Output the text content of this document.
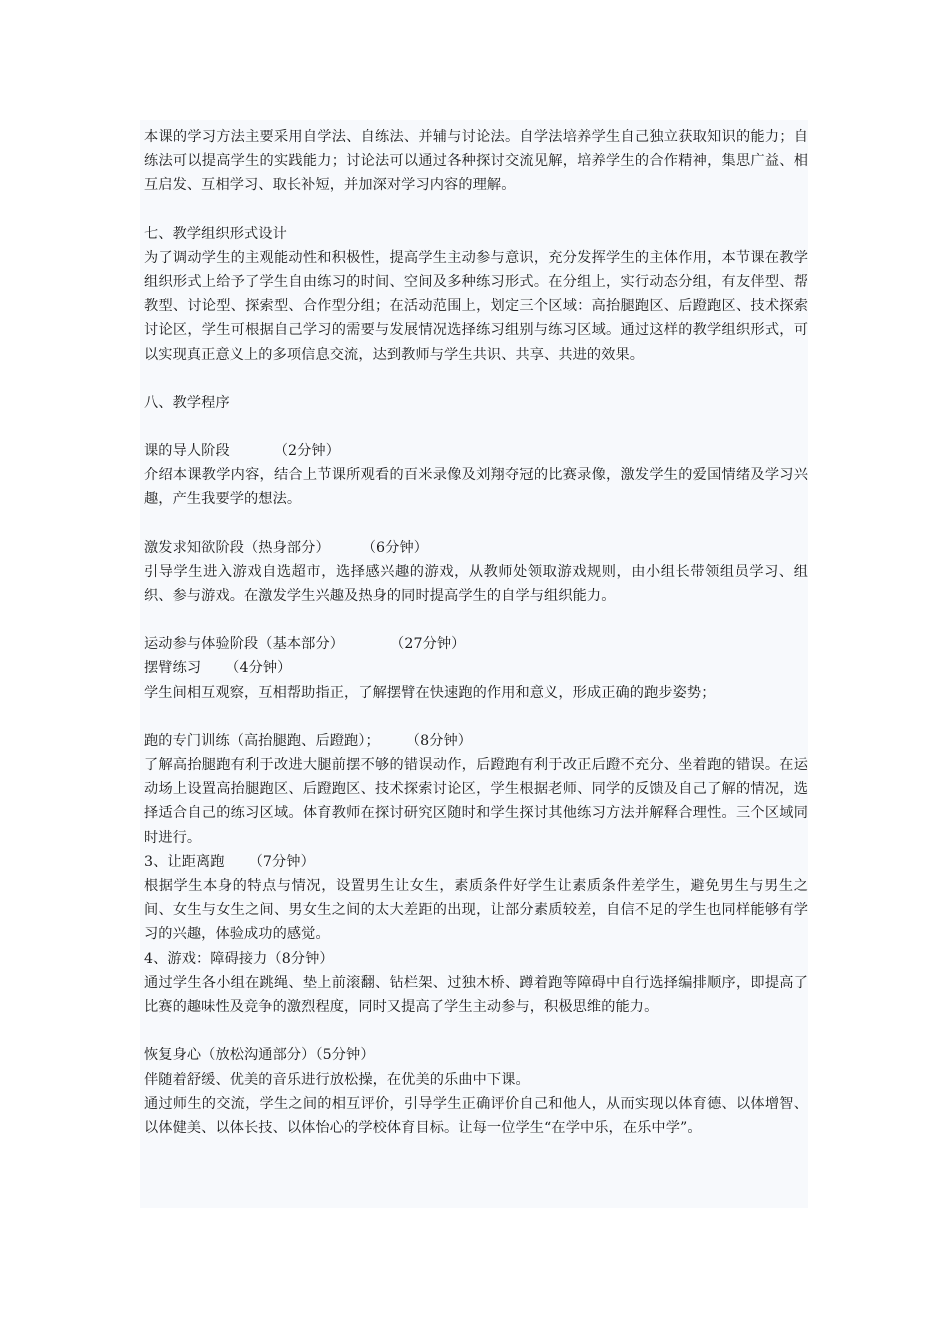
本课的学习方法主要采用自学法、自练法、并辅与讨论法。自学法培养学生自己独立获取知识的能力；自练法可以提高学生的实践能力；讨论法可以通过各种探讨交流见解，培养学生的合作精神，集思广益、相互启发、互相学习、取长补短，并加深对学习内容的理解。

七、教学组织形式设计

为了调动学生的主观能动性和积极性，提高学生主动参与意识，充分发挥学生的主体作用，本节课在教学组织形式上给予了学生自由练习的时间、空间及多种练习形式。在分组上，实行动态分组，有友伴型、帮教型、讨论型、探索型、合作型分组；在活动范围上，划定三个区域：高抬腿跑区、后蹬跑区、技术探索讨论区，学生可根据自己学习的需要与发展情况选择练习组别与练习区域。通过这样的教学组织形式，可以实现真正意义上的多项信息交流，达到教师与学生共识、共享、共进的效果。

八、教学程序

课的导人阶段	（2分钟）

介绍本课教学内容，结合上节课所观看的百米录像及刘翔夺冠的比赛录像，激发学生的爱国情绪及学习兴趣，产生我要学的想法。

激发求知欲阶段（热身部分） （6分钟）

引导学生进入游戏自选超市，选择感兴趣的游戏，从教师处领取游戏规则，由小组长带领组员学习、组织、参与游戏。在激发学生兴趣及热身的同时提高学生的自学与组织能力。

运动参与体验阶段（基本部分）	（27分钟）

摆臂练习 （4分钟）

学生间相互观察，互相帮助指正，了解摆臂在快速跑的作用和意义，形成正确的跑步姿势；

跑的专门训练（高抬腿跑、后蹬跑）； （8分钟）

了解高抬腿跑有利于改进大腿前摆不够的错误动作，后蹬跑有利于改正后蹬不充分、坐着跑的错误。在运动场上设置高抬腿跑区、后蹬跑区、技术探索讨论区，学生根据老师、同学的反馈及自己了解的情况，选择适合自己的练习区域。体育教师在探讨研究区随时和学生探讨其他练习方法并解释合理性。三个区域同时进行。

3、让距离跑 （7分钟）

根据学生本身的特点与情况，设置男生让女生，素质条件好学生让素质条件差学生，避免男生与男生之间、女生与女生之间、男女生之间的太大差距的出现，让部分素质较差，自信不足的学生也同样能够有学习的兴趣，体验成功的感觉。

4、游戏：障碍接力（8分钟）

通过学生各小组在跳绳、垫上前滚翻、钻栏架、过独木桥、蹲着跑等障碍中自行选择编排顺序，即提高了比赛的趣味性及竞争的激烈程度，同时又提高了学生主动参与，积极思维的能力。

恢复身心（放松沟通部分）（5分钟）

伴随着舒缓、优美的音乐进行放松操，在优美的乐曲中下课。

通过师生的交流，学生之间的相互评价，引导学生正确评价自己和他人，从而实现以体育德、以体增智、以体健美、以体长技、以体怡心的学校体育目标。让每一位学生“在学中乐，在乐中学”。
